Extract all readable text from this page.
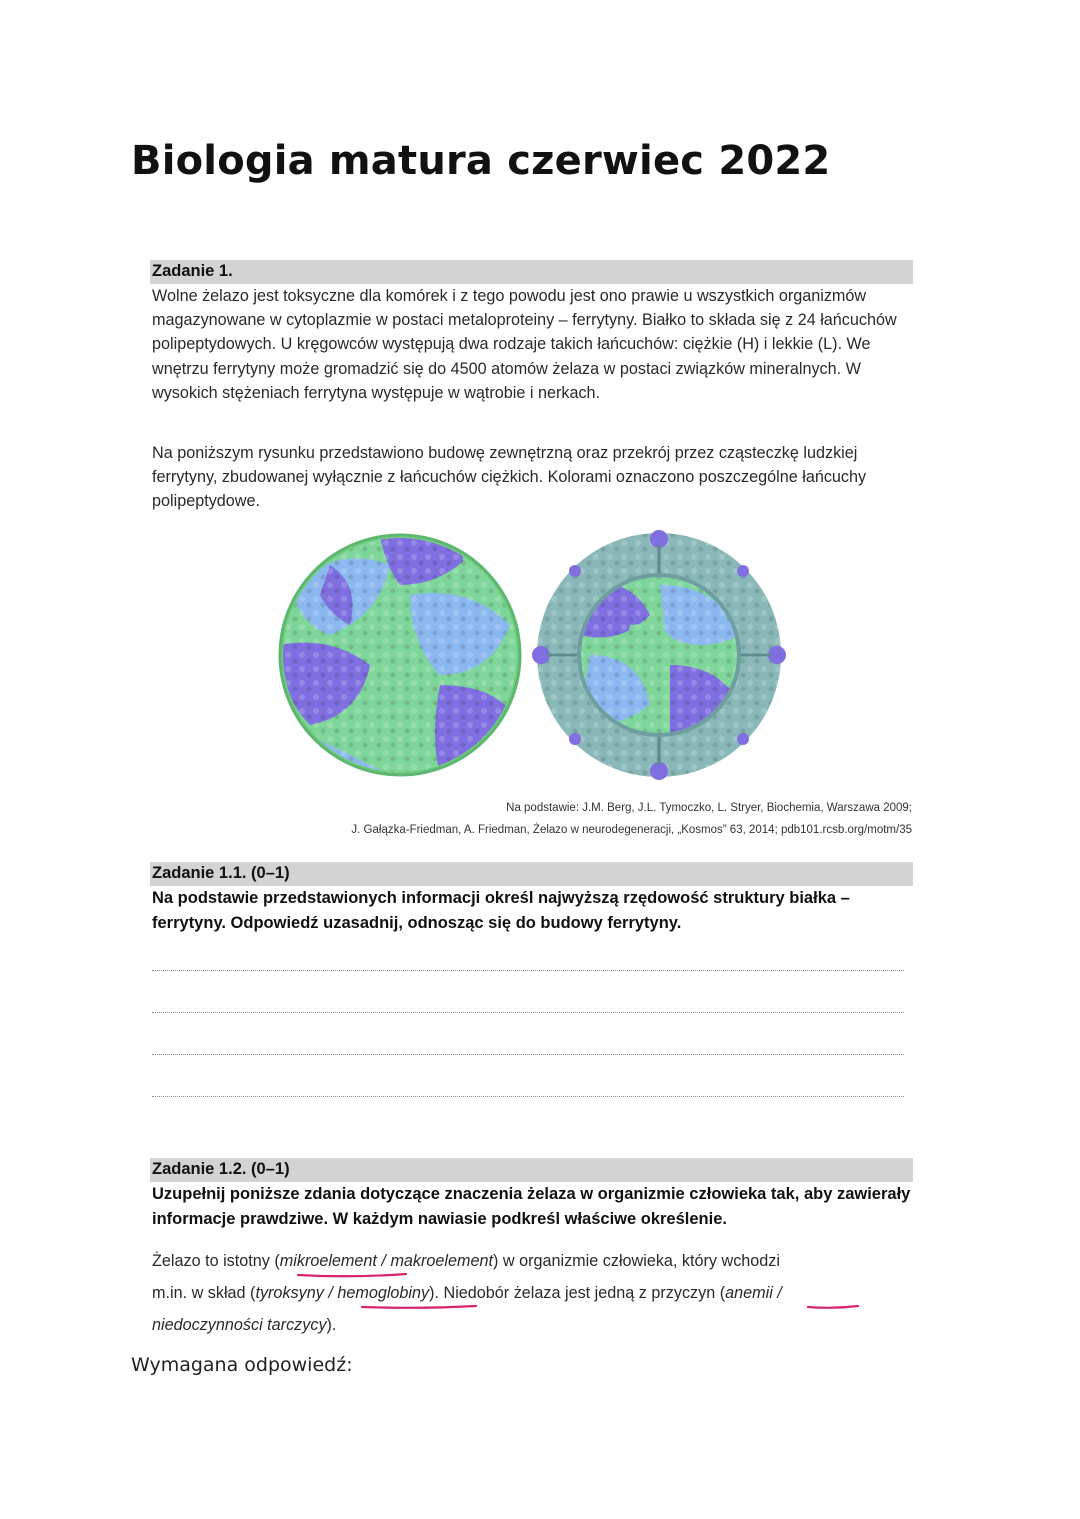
Biologia matura czerwiec 2022
Zadanie 1.

Wolne żelazo jest toksyczne dla komórek i z tego powodu jest ono prawie u wszystkich organizmów magazynowane w cytoplazmie w postaci metaloproteiny – ferrytyny. Białko to składa się z 24 łańcuchów polipeptydowych. U kręgowców występują dwa rodzaje takich łańcuchów: ciężkie (H) i lekkie (L). We wnętrzu ferrytyny może gromadzić się do 4500 atomów żelaza w postaci związków mineralnych. W wysokich stężeniach ferrytyna występuje w wątrobie i nerkach.

Na poniższym rysunku przedstawiono budowę zewnętrzną oraz przekrój przez cząsteczkę ludzkiej ferrytyny, zbudowanej wyłącznie z łańcuchów ciężkich. Kolorami oznaczono poszczególne łańcuchy polipeptydowe.

Na podstawie: J.M. Berg, J.L. Tymoczko, L. Stryer, Biochemia, Warszawa 2009;
J. Gałązka-Friedman, A. Friedman, Żelazo w neurodegeneracji, „Kosmos” 63, 2014; pdb101.rcsb.org/motm/35
Zadanie 1.1. (0–1)

Na podstawie przedstawionych informacji określ najwyższą rzędowość struktury białka – ferrytyny. Odpowiedź uzasadnij, odnosząc się do budowy ferrytyny.

Zadanie 1.2. (0–1)

Uzupełnij poniższe zdania dotyczące znaczenia żelaza w organizmie człowieka tak, aby zawierały informacje prawdziwe. W każdym nawiasie podkreśl właściwe określenie.

Żelazo to istotny (mikroelement / makroelement) w organizmie człowieka, który wchodzi
m.in. w skład (tyroksyny / hemoglobiny). Niedobór żelaza jest jedną z przyczyn (anemii /
niedoczynności tarczycy).
Wymagana odpowiedź:
